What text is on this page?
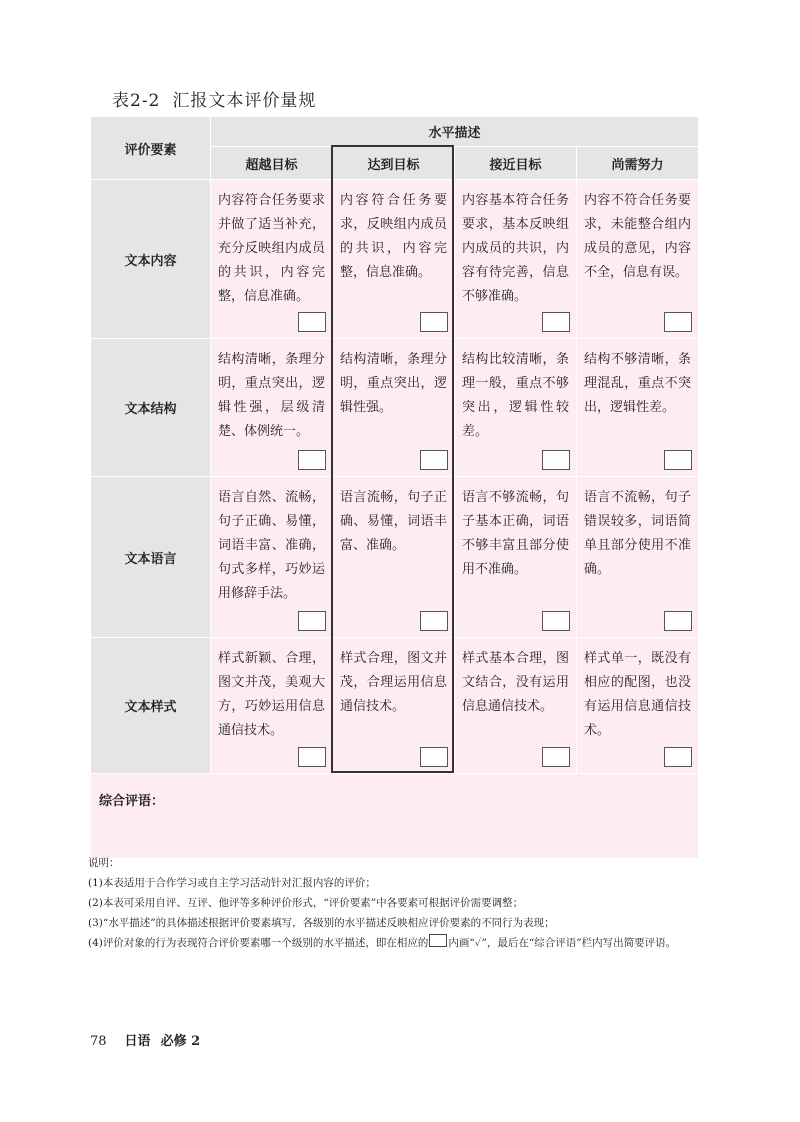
表2-2 汇报文本评价量规
评价要素	水平描述			
	超越目标	达到目标	接近目标	尚需努力
文本内容	内容符合任务要求并做了适当补充，充分反映组内成员的共识，内容完整，信息准确。	内容符合任务要求，反映组内成员的共识，内容完整，信息准确。	内容基本符合任务要求，基本反映组内成员的共识，内容有待完善，信息不够准确。	内容不符合任务要求，未能整合组内成员的意见，内容不全，信息有误。

文本结构	结构清晰，条理分明，重点突出，逻辑性强，层级清楚、体例统一。	结构清晰，条理分明，重点突出，逻辑性强。	结构比较清晰，条理一般，重点不够突出，逻辑性较差。	结构不够清晰，条理混乱，重点不突出，逻辑性差。

文本语言	语言自然、流畅，句子正确、易懂，词语丰富、准确，句式多样，巧妙运用修辞手法。	语言流畅，句子正确、易懂，词语丰富、准确。	语言不够流畅，句子基本正确，词语不够丰富且部分使用不准确。	语言不流畅，句子错误较多，词语简单且部分使用不准确。

文本样式	样式新颖、合理，图文并茂，美观大方，巧妙运用信息通信技术。	样式合理，图文并茂，合理运用信息通信技术。	样式基本合理，图文结合，没有运用信息通信技术。	样式单一，既没有相应的配图，也没有运用信息通信技术。

综合评语：				
说明：
(1) 本表适用于合作学习或自主学习活动针对汇报内容的评价；
(2) 本表可采用自评、互评、他评等多种评价形式，“评价要素”中各要素可根据评价需要调整；
(3) “水平描述”的具体描述根据评价要素填写，各级别的水平描述反映相应评价要素的不同行为表现；
(4) 评价对象的行为表现符合评价要素哪一个级别的水平描述，即在相应的 内画“✓”，最后在“综合评语”栏内写出简要评语。
78 日语 必修 2
